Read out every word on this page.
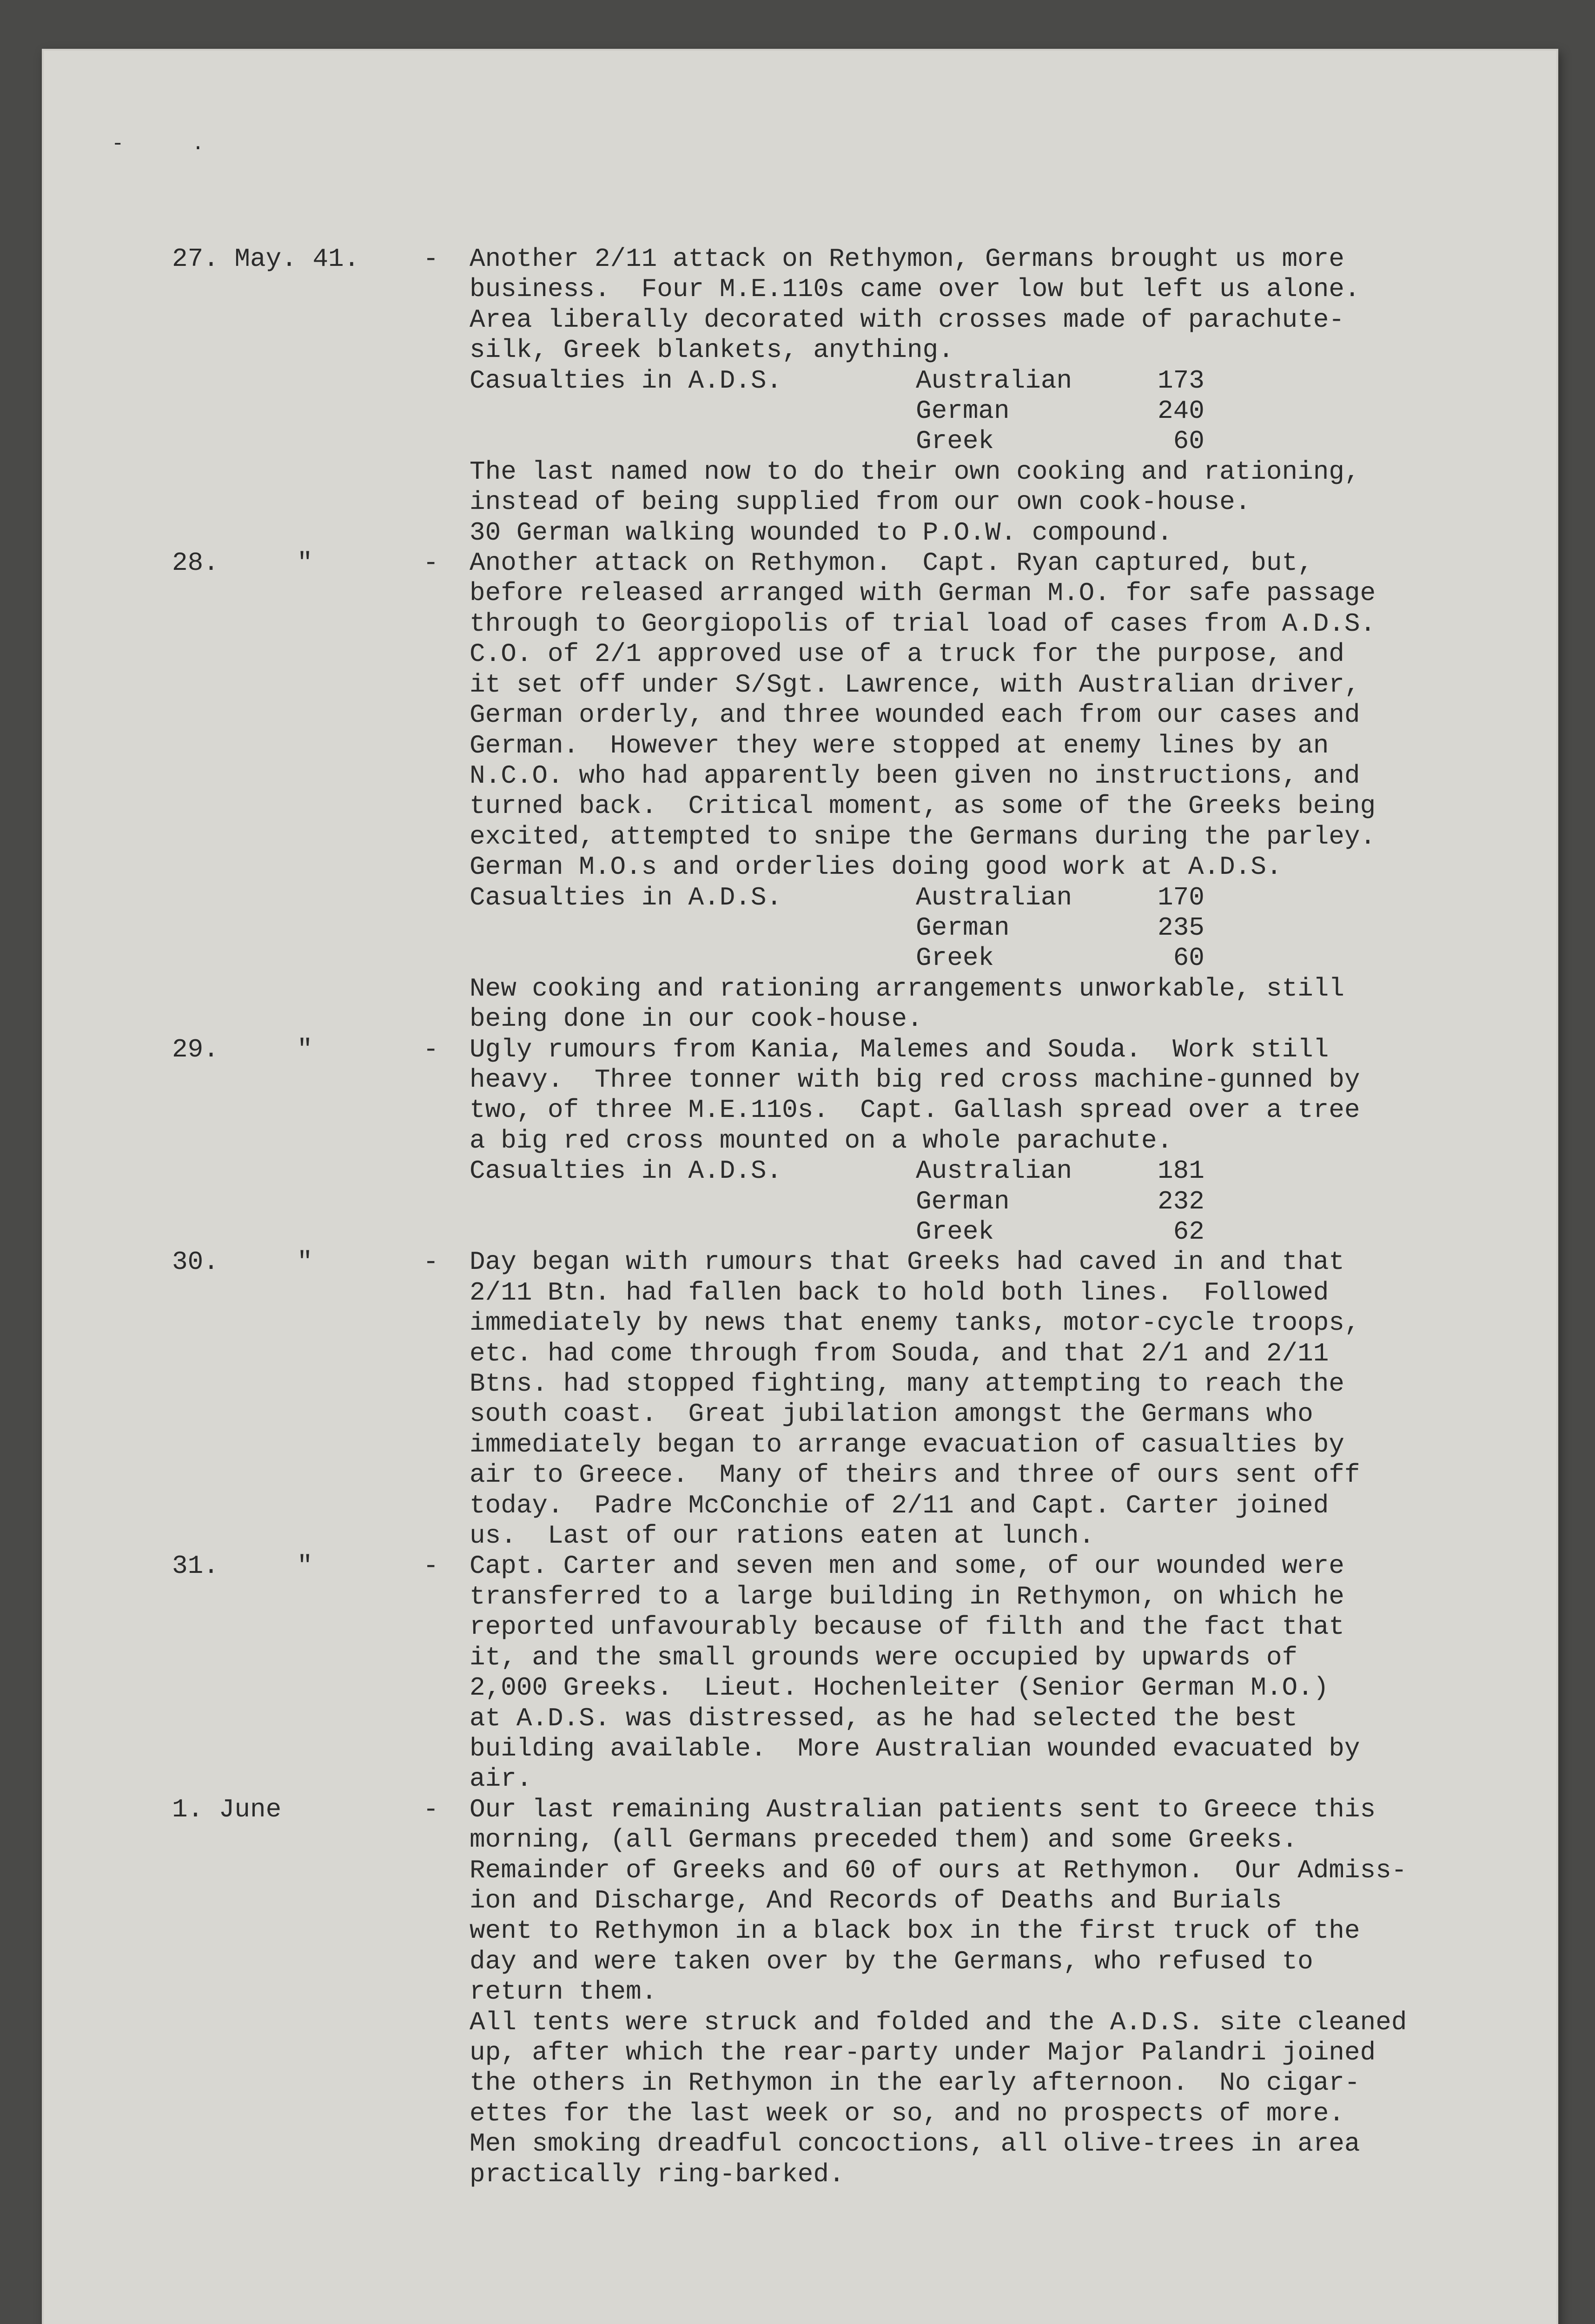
- .
27. May. 41.	-	Another 2/11 attack on Rethymon, Germans brought us more
business.  Four M.E.110s came over low but left us alone.
Area liberally decorated with crosses made of parachute-
silk, Greek blankets, anything.
Casualties in A.D.S.	Australian	173
German	240
Greek	60
The last named now to do their own cooking and rationing,
instead of being supplied from our own cook-house.
30 German walking wounded to P.O.W. compound.
28.     "	-	Another attack on Rethymon.  Capt. Ryan captured, but,
before released arranged with German M.O. for safe passage
through to Georgiopolis of trial load of cases from A.D.S.
C.O. of 2/1 approved use of a truck for the purpose, and
it set off under S/Sgt. Lawrence, with Australian driver,
German orderly, and three wounded each from our cases and
German.  However they were stopped at enemy lines by an
N.C.O. who had apparently been given no instructions, and
turned back.  Critical moment, as some of the Greeks being
excited, attempted to snipe the Germans during the parley.
German M.O.s and orderlies doing good work at A.D.S.
Casualties in A.D.S.	Australian	170
German	235
Greek	60
New cooking and rationing arrangements unworkable, still
being done in our cook-house.
29.     "	-	Ugly rumours from Kania, Malemes and Souda.  Work still
heavy.  Three tonner with big red cross machine-gunned by
two, of three M.E.110s.  Capt. Gallash spread over a tree
a big red cross mounted on a whole parachute.
Casualties in A.D.S.	Australian	181
German	232
Greek	62
30.     "	-	Day began with rumours that Greeks had caved in and that
2/11 Btn. had fallen back to hold both lines.  Followed
immediately by news that enemy tanks, motor-cycle troops,
etc. had come through from Souda, and that 2/1 and 2/11
Btns. had stopped fighting, many attempting to reach the
south coast.  Great jubilation amongst the Germans who
immediately began to arrange evacuation of casualties by
air to Greece.  Many of theirs and three of ours sent off
today.  Padre McConchie of 2/11 and Capt. Carter joined
us.  Last of our rations eaten at lunch.
31.     "	-	Capt. Carter and seven men and some, of our wounded were
transferred to a large building in Rethymon, on which he
reported unfavourably because of filth and the fact that
it, and the small grounds were occupied by upwards of
2,000 Greeks.  Lieut. Hochenleiter (Senior German M.O.)
at A.D.S. was distressed, as he had selected the best
building available.  More Australian wounded evacuated by
air.
1. June	-	Our last remaining Australian patients sent to Greece this
morning, (all Germans preceded them) and some Greeks.
Remainder of Greeks and 60 of ours at Rethymon.  Our Admiss-
ion and Discharge, And Records of Deaths and Burials
went to Rethymon in a black box in the first truck of the
day and were taken over by the Germans, who refused to
return them.
All tents were struck and folded and the A.D.S. site cleaned
up, after which the rear-party under Major Palandri joined
the others in Rethymon in the early afternoon.  No cigar-
ettes for the last week or so, and no prospects of more.
Men smoking dreadful concoctions, all olive-trees in area
practically ring-barked.
